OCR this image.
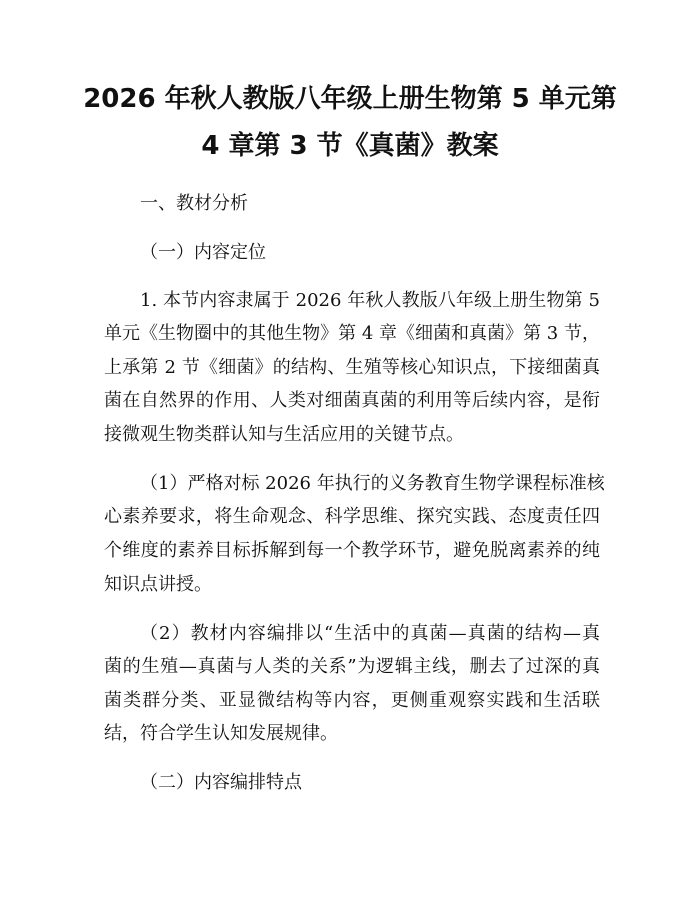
2026 年秋人教版八年级上册生物第 5 单元第
4 章第 3 节《真菌》教案
一、教材分析
（一）内容定位
1. 本节内容隶属于 2026 年秋人教版八年级上册生物第 5
单元《生物圈中的其他生物》第 4 章《细菌和真菌》第 3 节，
上承第 2 节《细菌》的结构、生殖等核心知识点，下接细菌真
菌在自然界的作用、人类对细菌真菌的利用等后续内容，是衔
接微观生物类群认知与生活应用的关键节点。
（1）严格对标 2026 年执行的义务教育生物学课程标准核
心素养要求，将生命观念、科学思维、探究实践、态度责任四
个维度的素养目标拆解到每一个教学环节，避免脱离素养的纯
知识点讲授。
（2）教材内容编排以“生活中的真菌—真菌的结构—真
菌的生殖—真菌与人类的关系”为逻辑主线，删去了过深的真
菌类群分类、亚显微结构等内容，更侧重观察实践和生活联
结，符合学生认知发展规律。
（二）内容编排特点
